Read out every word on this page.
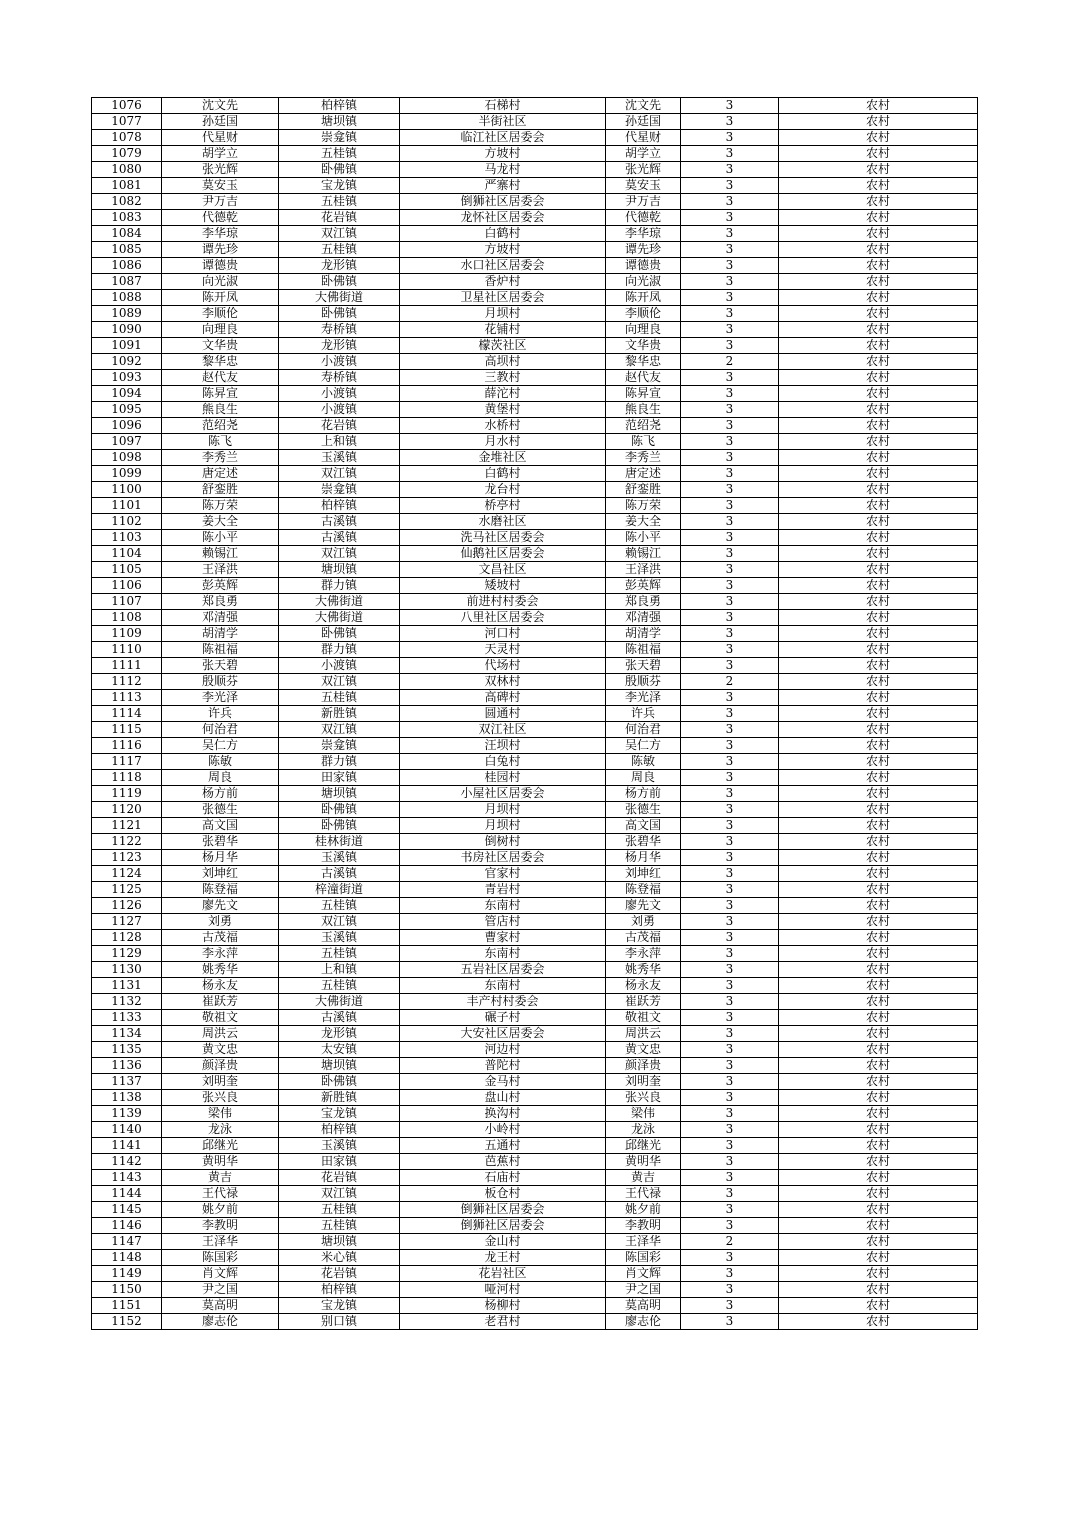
1076	沈文先	柏梓镇	石梯村	沈文先	3	农村
1077	孙廷国	塘坝镇	半街社区	孙廷国	3	农村
1078	代星财	崇龛镇	临江社区居委会	代星财	3	农村
1079	胡学立	五桂镇	方坡村	胡学立	3	农村
1080	张光辉	卧佛镇	马龙村	张光辉	3	农村
1081	莫安玉	宝龙镇	严寨村	莫安玉	3	农村
1082	尹万吉	五桂镇	倒狮社区居委会	尹万吉	3	农村
1083	代德乾	花岩镇	龙怀社区居委会	代德乾	3	农村
1084	李华琼	双江镇	白鹤村	李华琼	3	农村
1085	谭先珍	五桂镇	方坡村	谭先珍	3	农村
1086	谭德贵	龙形镇	水口社区居委会	谭德贵	3	农村
1087	向光淑	卧佛镇	香炉村	向光淑	3	农村
1088	陈开凤	大佛街道	卫星社区居委会	陈开凤	3	农村
1089	李顺伦	卧佛镇	月坝村	李顺伦	3	农村
1090	向理良	寿桥镇	花铺村	向理良	3	农村
1091	文华贵	龙形镇	檬茨社区	文华贵	3	农村
1092	黎华忠	小渡镇	高坝村	黎华忠	2	农村
1093	赵代友	寿桥镇	三教村	赵代友	3	农村
1094	陈昇宣	小渡镇	薛沱村	陈昇宣	3	农村
1095	熊良生	小渡镇	黄堡村	熊良生	3	农村
1096	范绍尧	花岩镇	水桥村	范绍尧	3	农村
1097	陈飞	上和镇	月水村	陈飞	3	农村
1098	李秀兰	玉溪镇	金堆社区	李秀兰	3	农村
1099	唐定述	双江镇	白鹤村	唐定述	3	农村
1100	舒銮胜	崇龛镇	龙台村	舒銮胜	3	农村
1101	陈万荣	柏梓镇	桥亭村	陈万荣	3	农村
1102	姜大全	古溪镇	水磨社区	姜大全	3	农村
1103	陈小平	古溪镇	洗马社区居委会	陈小平	3	农村
1104	赖锡江	双江镇	仙鹅社区居委会	赖锡江	3	农村
1105	王泽洪	塘坝镇	文昌社区	王泽洪	3	农村
1106	彭英辉	群力镇	矮坡村	彭英辉	3	农村
1107	郑良勇	大佛街道	前进村村委会	郑良勇	3	农村
1108	邓清强	大佛街道	八里社区居委会	邓清强	3	农村
1109	胡清学	卧佛镇	河口村	胡清学	3	农村
1110	陈祖福	群力镇	天灵村	陈祖福	3	农村
1111	张天碧	小渡镇	代场村	张天碧	3	农村
1112	殷顺芬	双江镇	双林村	殷顺芬	2	农村
1113	李光泽	五桂镇	高碑村	李光泽	3	农村
1114	许兵	新胜镇	圆通村	许兵	3	农村
1115	何治君	双江镇	双江社区	何治君	3	农村
1116	吴仁方	崇龛镇	汪坝村	吴仁方	3	农村
1117	陈敏	群力镇	白兔村	陈敏	3	农村
1118	周良	田家镇	桂园村	周良	3	农村
1119	杨方前	塘坝镇	小屋社区居委会	杨方前	3	农村
1120	张德生	卧佛镇	月坝村	张德生	3	农村
1121	高文国	卧佛镇	月坝村	高文国	3	农村
1122	张碧华	桂林街道	倒树村	张碧华	3	农村
1123	杨月华	玉溪镇	书房社区居委会	杨月华	3	农村
1124	刘坤红	古溪镇	官家村	刘坤红	3	农村
1125	陈登福	梓潼街道	青岩村	陈登福	3	农村
1126	廖先文	五桂镇	东南村	廖先文	3	农村
1127	刘勇	双江镇	管店村	刘勇	3	农村
1128	古茂福	玉溪镇	曹家村	古茂福	3	农村
1129	李永萍	五桂镇	东南村	李永萍	3	农村
1130	姚秀华	上和镇	五岩社区居委会	姚秀华	3	农村
1131	杨永友	五桂镇	东南村	杨永友	3	农村
1132	崔跃芳	大佛街道	丰产村村委会	崔跃芳	3	农村
1133	敬祖文	古溪镇	碾子村	敬祖文	3	农村
1134	周洪云	龙形镇	大安社区居委会	周洪云	3	农村
1135	黄文忠	太安镇	河边村	黄文忠	3	农村
1136	颜泽贵	塘坝镇	普陀村	颜泽贵	3	农村
1137	刘明奎	卧佛镇	金马村	刘明奎	3	农村
1138	张兴良	新胜镇	盘山村	张兴良	3	农村
1139	梁伟	宝龙镇	换沟村	梁伟	3	农村
1140	龙泳	柏梓镇	小岭村	龙泳	3	农村
1141	邱继光	玉溪镇	五通村	邱继光	3	农村
1142	黄明华	田家镇	芭蕉村	黄明华	3	农村
1143	黄吉	花岩镇	石庙村	黄吉	3	农村
1144	王代禄	双江镇	板仓村	王代禄	3	农村
1145	姚夕前	五桂镇	倒狮社区居委会	姚夕前	3	农村
1146	李教明	五桂镇	倒狮社区居委会	李教明	3	农村
1147	王泽华	塘坝镇	金山村	王泽华	2	农村
1148	陈国彩	米心镇	龙王村	陈国彩	3	农村
1149	肖文辉	花岩镇	花岩社区	肖文辉	3	农村
1150	尹之国	柏梓镇	哑河村	尹之国	3	农村
1151	莫高明	宝龙镇	杨柳村	莫高明	3	农村
1152	廖志伦	别口镇	老君村	廖志伦	3	农村
